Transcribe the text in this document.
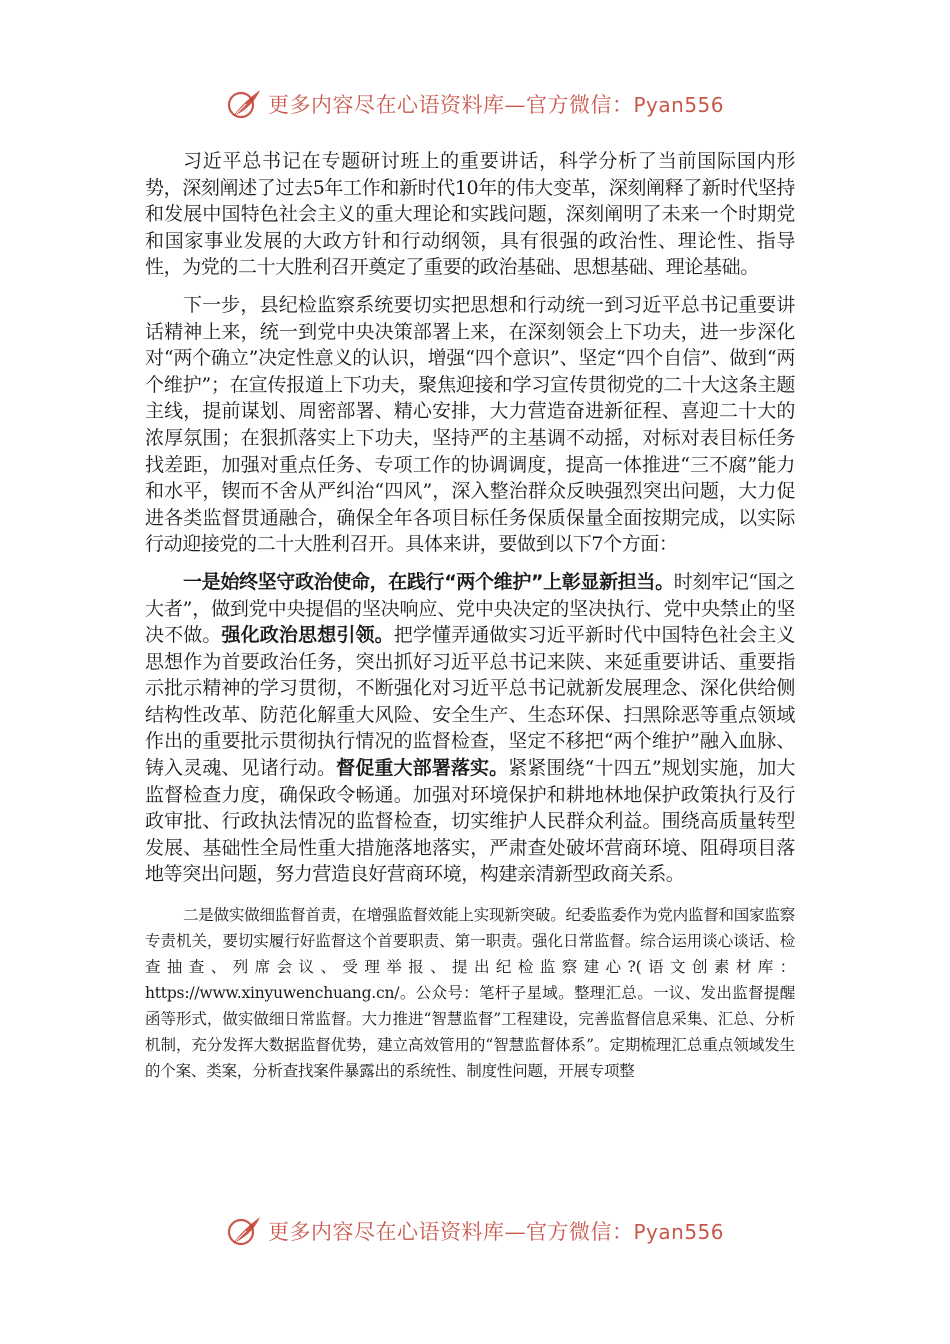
更多内容尽在心语资料库—官方微信：Pyan556

习近平总书记在专题研讨班上的重要讲话，科学分析了当前国际国内形势，深刻阐述了过去5年工作和新时代10年的伟大变革，深刻阐释了新时代坚持和发展中国特色社会主义的重大理论和实践问题，深刻阐明了未来一个时期党和国家事业发展的大政方针和行动纲领，具有很强的政治性、理论性、指导性，为党的二十大胜利召开奠定了重要的政治基础、思想基础、理论基础。

下一步，县纪检监察系统要切实把思想和行动统一到习近平总书记重要讲话精神上来，统一到党中央决策部署上来，在深刻领会上下功夫，进一步深化对“两个确立”决定性意义的认识，增强“四个意识”、坚定“四个自信”、做到“两个维护”；在宣传报道上下功夫，聚焦迎接和学习宣传贯彻党的二十大这条主题主线，提前谋划、周密部署、精心安排，大力营造奋进新征程、喜迎二十大的浓厚氛围；在狠抓落实上下功夫，坚持严的主基调不动摇，对标对表目标任务找差距，加强对重点任务、专项工作的协调调度，提高一体推进“三不腐”能力和水平，锲而不舍从严纠治“四风”，深入整治群众反映强烈突出问题，大力促进各类监督贯通融合，确保全年各项目标任务保质保量全面按期完成，以实际行动迎接党的二十大胜利召开。具体来讲，要做到以下7个方面：

一是始终坚守政治使命，在践行“两个维护”上彰显新担当。时刻牢记“国之大者”，做到党中央提倡的坚决响应、党中央决定的坚决执行、党中央禁止的坚决不做。强化政治思想引领。把学懂弄通做实习近平新时代中国特色社会主义思想作为首要政治任务，突出抓好习近平总书记来陕、来延重要讲话、重要指示批示精神的学习贯彻，不断强化对习近平总书记就新发展理念、深化供给侧结构性改革、防范化解重大风险、安全生产、生态环保、扫黑除恶等重点领域作出的重要批示贯彻执行情况的监督检查，坚定不移把“两个维护”融入血脉、铸入灵魂、见诸行动。督促重大部署落实。紧紧围绕“十四五”规划实施，加大监督检查力度，确保政令畅通。加强对环境保护和耕地林地保护政策执行及行政审批、行政执法情况的监督检查，切实维护人民群众利益。围绕高质量转型发展、基础性全局性重大措施落地落实，严肃查处破坏营商环境、阻碍项目落地等突出问题，努力营造良好营商环境，构建亲清新型政商关系。

二是做实做细监督首责，在增强监督效能上实现新突破。纪委监委作为党内监督和国家监察专责机关，要切实履行好监督这个首要职责、第一职责。强化日常监督。综合运用谈心谈话、检查抽查、列席会议、受理举报、提出纪检监察建心?(语文创素材库：https://www.xinyuwenchuang.cn/。公众号：笔杆子星域。整理汇总。一议、发出监督提醒函等形式，做实做细日常监督。大力推进“智慧监督”工程建设，完善监督信息采集、汇总、分析机制，充分发挥大数据监督优势，建立高效管用的“智慧监督体系”。定期梳理汇总重点领域发生的个案、类案，分析查找案件暴露出的系统性、制度性问题，开展专项整

更多内容尽在心语资料库—官方微信：Pyan556
